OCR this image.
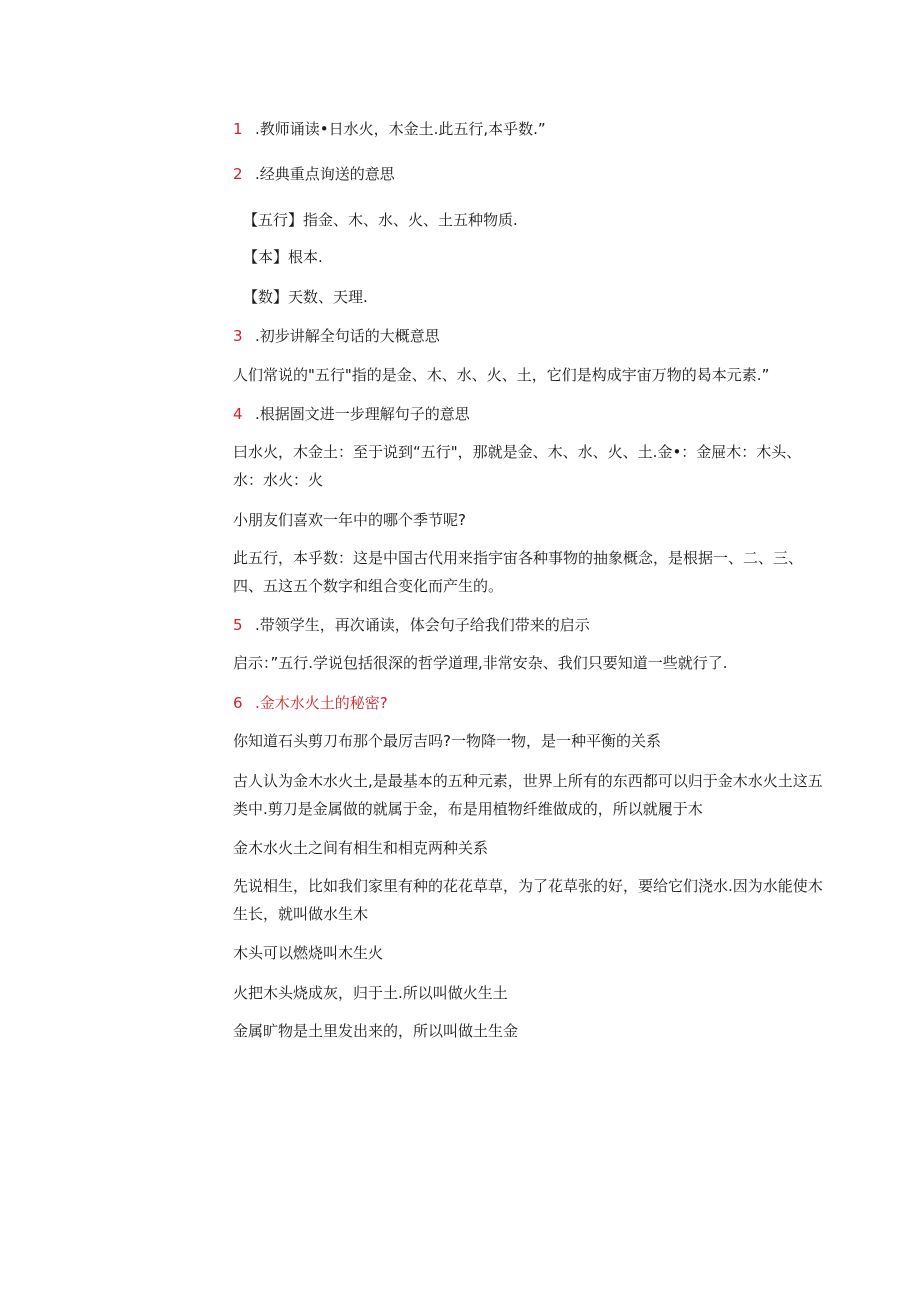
1 .教师诵读•日水火，木金土.此五行,本乎数.”
2 .经典重点询送的意思
【五行】指金、木、水、火、土五种物质.
【本】根本.
【数】天数、天理.
3 .初步讲解全句话的大概意思
人们常说的"五行"指的是金、木、水、火、土，它们是构成宇宙万物的曷本元素.”
4 .根据圄文进一步理解句子的意思
曰水火，木金土：至于说到“五行"，那就是金、木、水、火、土.金•：金屉木：木头、水：水火：火
小朋友们喜欢一年中的哪个季节呢?
此五行，本乎数：这是中国古代用来指宇宙各种事物的抽象概念，是根据一、二、三、四、五这五个数字和组合变化而产生的。
5 .带领学生，再次诵读，体会句子给我们带来的启示
启示：”五行.学说包括很深的哲学道理,非常安杂、我们只要知道一些就行了.
6 .金木水火土的秘密?
你知道石头剪刀布那个最厉吉吗?一物降一物，是一种平衡的关系
古人认为金木水火土,是最基本的五种元素，世界上所有的东西都可以归于金木水火土这五类中.剪刀是金属做的就属于金，布是用植物纤维做成的，所以就履于木
金木水火土之间有相生和相克两种关系
先说相生，比如我们家里有种的花花草草，为了花草张的好，要给它们浇水.因为水能使木生长，就叫做水生木
木头可以燃烧叫木生火
火把木头烧成灰，归于土.所以叫做火生土
金属旷物是土里发出来的，所以叫做土生金
